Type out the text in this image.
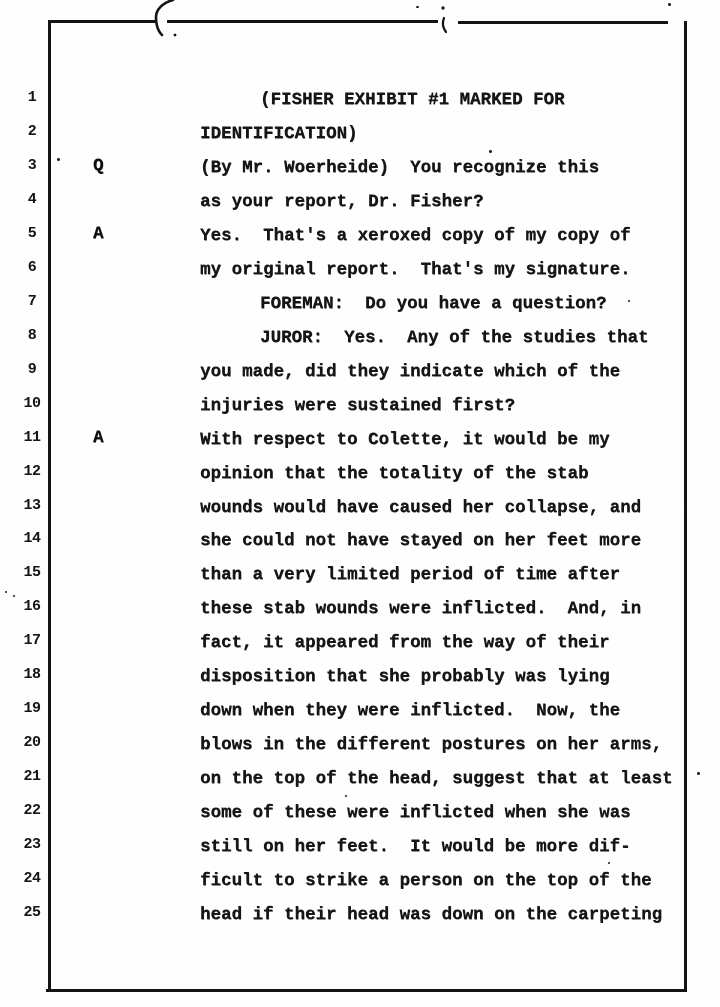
1	(FISHER EXHIBIT #1 MARKED FOR
2	IDENTIFICATION)
3	Q	(By Mr. Woerheide)  You recognize this
4	as your report, Dr. Fisher?
5	A	Yes.  That's a xeroxed copy of my copy of
6	my original report.  That's my signature.
7	FOREMAN:  Do you have a question?
8	JUROR:  Yes.  Any of the studies that
9	you made, did they indicate which of the
10	injuries were sustained first?
11	A	With respect to Colette, it would be my
12	opinion that the totality of the stab
13	wounds would have caused her collapse, and
14	she could not have stayed on her feet more
15	than a very limited period of time after
16	these stab wounds were inflicted.  And, in
17	fact, it appeared from the way of their
18	disposition that she probably was lying
19	down when they were inflicted.  Now, the
20	blows in the different postures on her arms,
21	on the top of the head, suggest that at least
22	some of these were inflicted when she was
23	still on her feet.  It would be more dif-
24	ficult to strike a person on the top of the
25	head if their head was down on the carpeting
